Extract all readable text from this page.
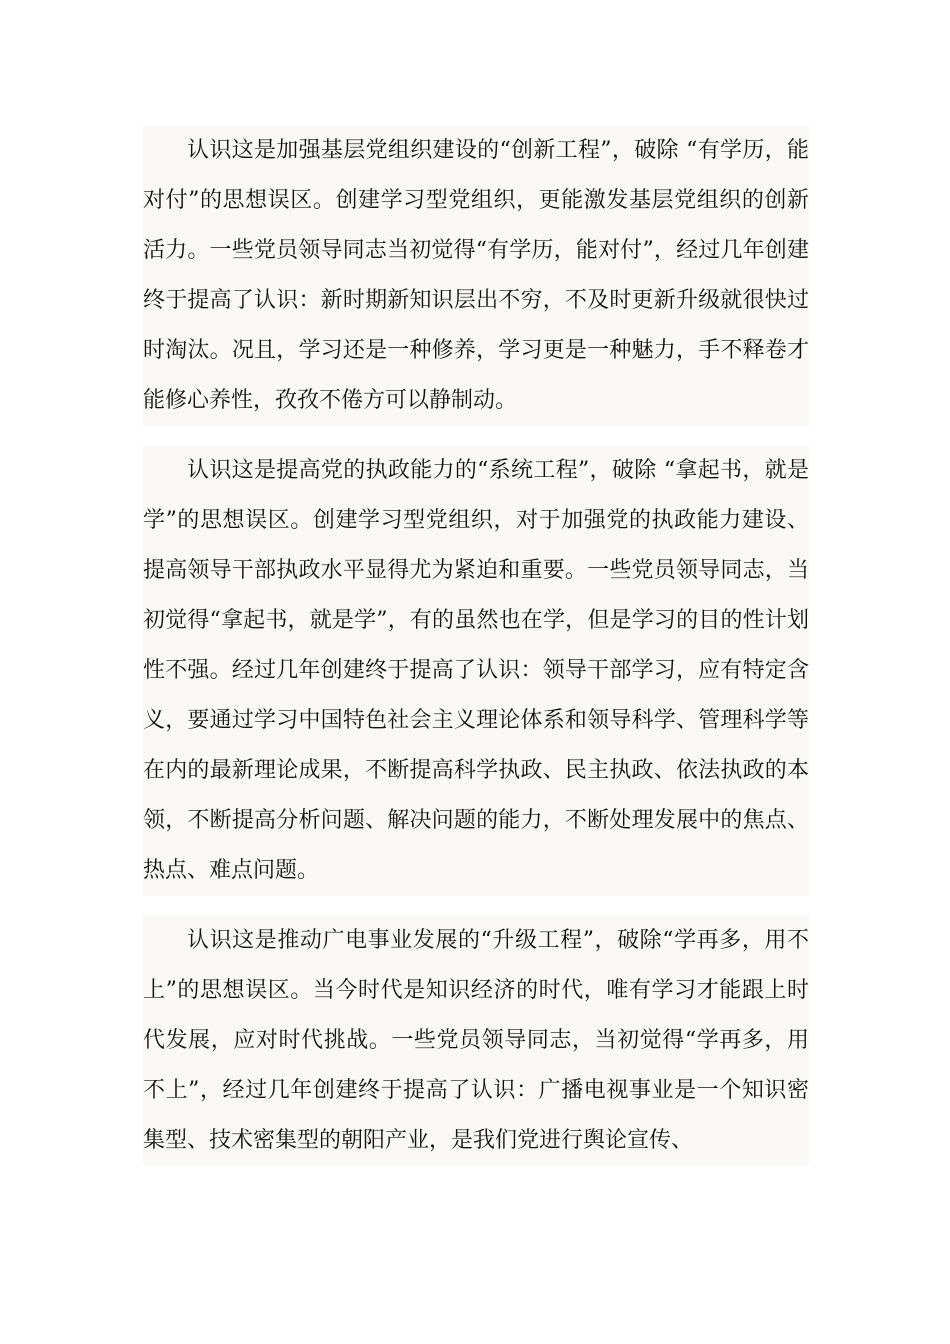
认识这是加强基层党组织建设的“创新工程”，破除 “有学历，能对付”的思想误区。创建学习型党组织，更能激发基层党组织的创新活力。一些党员领导同志当初觉得“有学历，能对付”，经过几年创建终于提高了认识：新时期新知识层出不穷，不及时更新升级就很快过时淘汰。况且，学习还是一种修养，学习更是一种魅力，手不释卷才能修心养性，孜孜不倦方可以静制动。

认识这是提高党的执政能力的“系统工程”，破除 “拿起书，就是学”的思想误区。创建学习型党组织，对于加强党的执政能力建设、提高领导干部执政水平显得尤为紧迫和重要。一些党员领导同志，当初觉得“拿起书，就是学”，有的虽然也在学，但是学习的目的性计划性不强。经过几年创建终于提高了认识：领导干部学习，应有特定含义，要通过学习中国特色社会主义理论体系和领导科学、管理科学等在内的最新理论成果，不断提高科学执政、民主执政、依法执政的本领，不断提高分析问题、解决问题的能力，不断处理发展中的焦点、热点、难点问题。

认识这是推动广电事业发展的“升级工程”，破除“学再多，用不上”的思想误区。当今时代是知识经济的时代，唯有学习才能跟上时代发展，应对时代挑战。一些党员领导同志，当初觉得“学再多，用不上”，经过几年创建终于提高了认识：广播电视事业是一个知识密集型、技术密集型的朝阳产业，是我们党进行舆论宣传、
